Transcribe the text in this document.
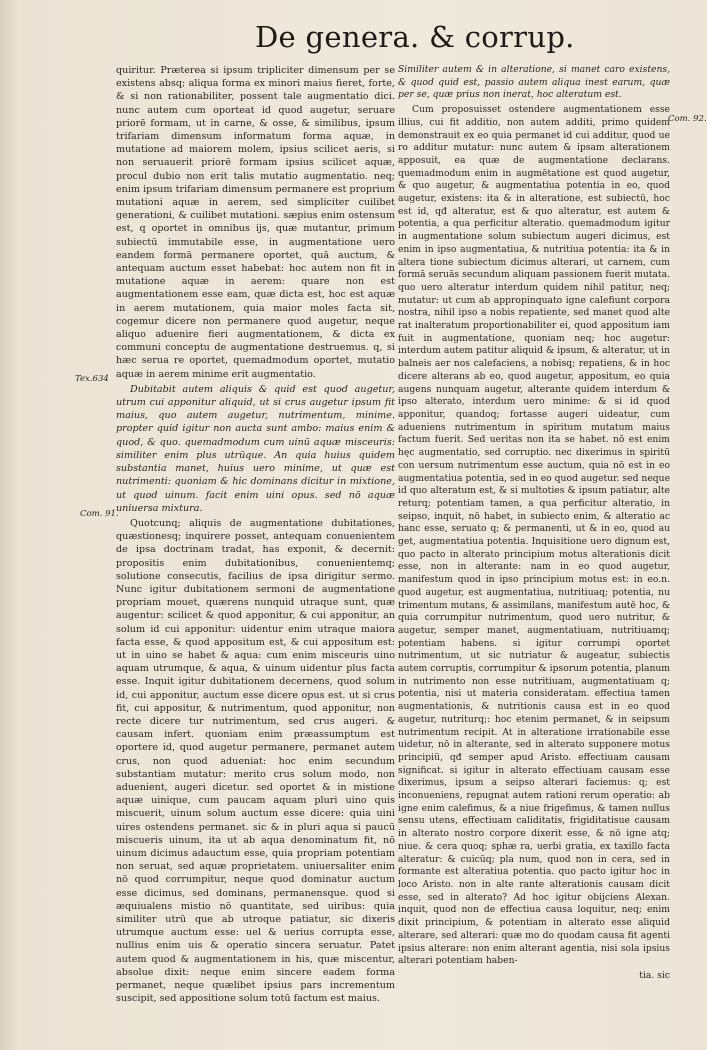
De genera. & corrup.
Tex.634
Com. 91.
Com. 92.

quiritur. Præterea si ipsum tripliciter dimensum per se existens absq; aliqua forma ex minori maius fieret, forte, & si non rationabiliter, possent tale augmentatio dici. nunc autem cum oporteat id quod augetur, seruare priorē formam, ut in carne, & osse, & similibus, ipsum trifariam dimensum informatum forma aquæ, in mutatione ad maiorem molem, ipsius scilicet aeris, si non seruauerit priorē formam ipsius scilicet aquæ, procul dubio non erit talis mutatio augmentatio. neq; enim ipsum trifariam dimensum permanere est proprium mutationi aquæ in aerem, sed simpliciter cuilibet generationi, & cuilibet mutationi. sæpius enim ostensum est, q oportet in omnibus ijs, quæ mutantur, primum subiectū immutabile esse, in augmentatione uero eandem formā permanere oportet, quā auctum, & antequam auctum esset habebat: hoc autem non fit in mutatione aquæ in aerem: quare non est augmentationem esse eam, quæ dicta est, hoc est aquæ in aerem mutationem, quia maior moles facta sit, cogemur dicere non permanere quod augetur, neque aliquo aduenire fieri augmentationem, & dicta ex communi conceptu de augmentatione destruemus. q, si hæc serua re oportet, quemadmodum oportet, mutatio aquæ in aerem minime erit augmentatio.

Dubitabit autem aliquis & quid est quod augetur, utrum cui apponitur aliquid, ut si crus augetur ipsum fit maius, quo autem augetur, nutrimentum, minime. propter quid igitur non aucta sunt ambo: maius enim & quod, & quo. quemadmodum cum uinū aquæ misceuris: similiter enim plus utrūque. An quia huius quidem substantia manet, huius uero minime, ut quæ est nutrimenti: quoniam & hic dominans dicitur in mixtione, ut quod uinum. facit enim uini opus. sed nō aquæ uniuersa mixtura.

Quotcunq; aliquis de augmentatione dubitationes, quæstionesq; inquirere posset, antequam conuenientem de ipsa doctrinam tradat, has exponit, & decernit: propositis enim dubitationibus, conuenientemq; solutione consecutis, facilius de ipsa dirigitur sermo. Nunc igitur dubitationem sermoni de augmentatione propriam mouet, quærens nunquid utraque sunt, quæ augentur: scilicet & quod apponitur, & cui apponitur, an solum id cui apponitur: uidentur enim utraque maiora facta esse, & quod appositum est, & cui appositum est: ut in uino se habet & aqua: cum enim misceuris uino aquam utrumque, & aqua, & uinum uidentur plus facta esse. Inquit igitur dubitationem decernens, quod solum id, cui apponitur, auctum esse dicere opus est. ut si crus fit, cui appositur, & nutrimentum, quod apponitur, non recte dicere tur nutrimentum, sed crus augeri. & causam infert. quoniam enim præassumptum est oportere id, quod augetur permanere, permanet autem crus, non quod adueniat: hoc enim secundum substantiam mutatur: merito crus solum modo, non aduenient, augeri dicetur. sed oportet & in mistione aquæ uinique, cum paucam aquam pluri uino quis miscuerit, uinum solum auctum esse dicere: quia uini uires ostendens permanet. sic & in pluri aqua si paucū miscueris uinum, ita ut ab aqua denominatum fit, nō uinum dicimus adauctum esse, quia propriam potentiam non seruat, sed aquæ proprietatem. uniuersaliter enim nō quod corrumpitur, neque quod dominatur auctum esse dicimus, sed dominans, permanensque. quod si æquiualens mistio nō quantitate, sed uiribus: quia similiter utrū que ab utroque patiatur, sic dixeris utrumque auctum esse: uel & uerius corrupta esse, nullius enim uis & operatio sincera seruatur. Patet autem quod & augmentationem in his, quæ miscentur, absolue dixit: neque enim sincere eadem forma permanet, neque quælibet ipsius pars incrementum suscipit, sed appositione solum totū factum est maius.

Similiter autem & in alteratione, si manet caro existens, & quod quid est, passio autem aliqua inest earum, quæ per se, quæ prius non inerat, hoc alteratum est.

Cum proposuisset ostendere augmentationem esse illius, cui fit additio, non autem additi, primo quidem demonstrauit ex eo quia permanet id cui additur, quod ue ro additur mutatur: nunc autem & ipsam alterationem apposuit, ea quæ de augmentatione declarans. quemadmodum enim in augmētatione est quod augetur, & quo augetur, & augmentatiua potentia in eo, quod augetur, existens: ita & in alteratione, est subiectū, hoc est id, qđ alteratur, est & quo alteratur, est autem & potentia, a qua perficitur alteratio. quemadmodum igitur in augmentatione solum subiectum augeri dicimus, est enim in ipso augmentatiua, & nutritiua potentia: ita & in altera tione subiectum dicimus alterari, ut carnem, cum formā seruās secundum aliquam passionem fuerit mutata. quo uero alteratur interdum quidem nihil patitur, neq; mutatur: ut cum ab appropinquato igne calefiunt corpora nostra, nihil ipso a nobis repatiente, sed manet quod alte rat inalteratum proportionabiliter ei, quod appositum iam fuit in augmentatione, quoniam neq; hoc augetur: interdum autem patitur aliquid & ipsum, & alteratur, ut in balneis aer nos calefaciens, a nobisq; repatiens, & in hoc dicere alterans ab eo, quod augetur, appositum, eo quia augens nunquam augetur, alterante quidem interdum & ipso alterato, interdum uero minime: & si id quod apponitur, quandoq; fortasse augeri uideatur, cum adueniens nutrimentum in spiritum mutatum maius factum fuerit. Sed ueritas non ita se habet. nō est enim hęc augmentatio, sed corruptio. nec dixerimus in spiritū con uersum nutrimentum esse auctum, quia nō est in eo augmentatiua potentia, sed in eo quod augetur. sed neque id quo alteratum est, & si multoties & ipsum patiatur, alte returq; potentiam tamen, a qua perficitur alteratio, in seipso, inquit, nō habet, in subiecto enim, & alteratio ac hanc esse, seruato q; & permanenti, ut & in eo, quod au get, augmentatiua potentia. Inquisitione uero dignum est, quo pacto in alterato principium motus alterationis dicit esse, non in alterante: nam in eo quod augetur, manifestum quod in ipso principium motus est: in eo.n. quod augetur, est augmentatiua, nutritiuaq; potentia, nu trimentum mutans, & assimilans, manifestum autē hoc, & quia corrumpitur nutrimentum, quod uero nutritur, & augetur, semper manet, augmentatiuam, nutritiuamq; potentiam habens. si igitur corrumpi oportet nutrimentum, ut sic nutriatur & augeatur, subiectis autem corruptis, corrumpitur & ipsorum potentia, planum in nutrimento non esse nutritiuam, augmentatiuam q; potentia, nisi ut materia consideratam. effectiua tamen augmentationis, & nutritionis causa est in eo quod augetur, nutriturq;: hoc etenim permanet, & in seipsum nutrimentum recipit. At in alteratione irrationabile esse uidetur, nō in alterante, sed in alterato supponere motus principiū, qđ semper apud Aristo. effectiuam causam significat. si igitur in alterato effectiuam causam esse dixerimus, ipsum a seipso alterari faciemus: q; est inconueniens, repugnat autem rationi rerum operatio: ab igne enim calefimus, & a niue frigefimus, & tamen nullus sensu utens, effectiuam caliditatis, frigiditatisue causam in alterato nostro corpore dixerit esse, & nō igne atq; niue. & cera quoq; sphæ ra, uerbi gratia, ex taxillo facta alteratur: & cuicūq; pla num, quod non in cera, sed in formante est alteratiua potentia. quo pacto igitur hoc in loco Aristo. non in alte rante alterationis causam dicit esse, sed in alterato? Ad hoc igitur obijciens Alexan. inquit, quod non de effectiua causa loquitur, neq; enim dixit principium, & potentiam in alterato esse aliquid alterare, sed alterari: quæ mo do quodam causa fit agenti ipsius alterare: non enim alterant agentia, nisi sola ipsius alterari potentiam haben-

tia. sic
